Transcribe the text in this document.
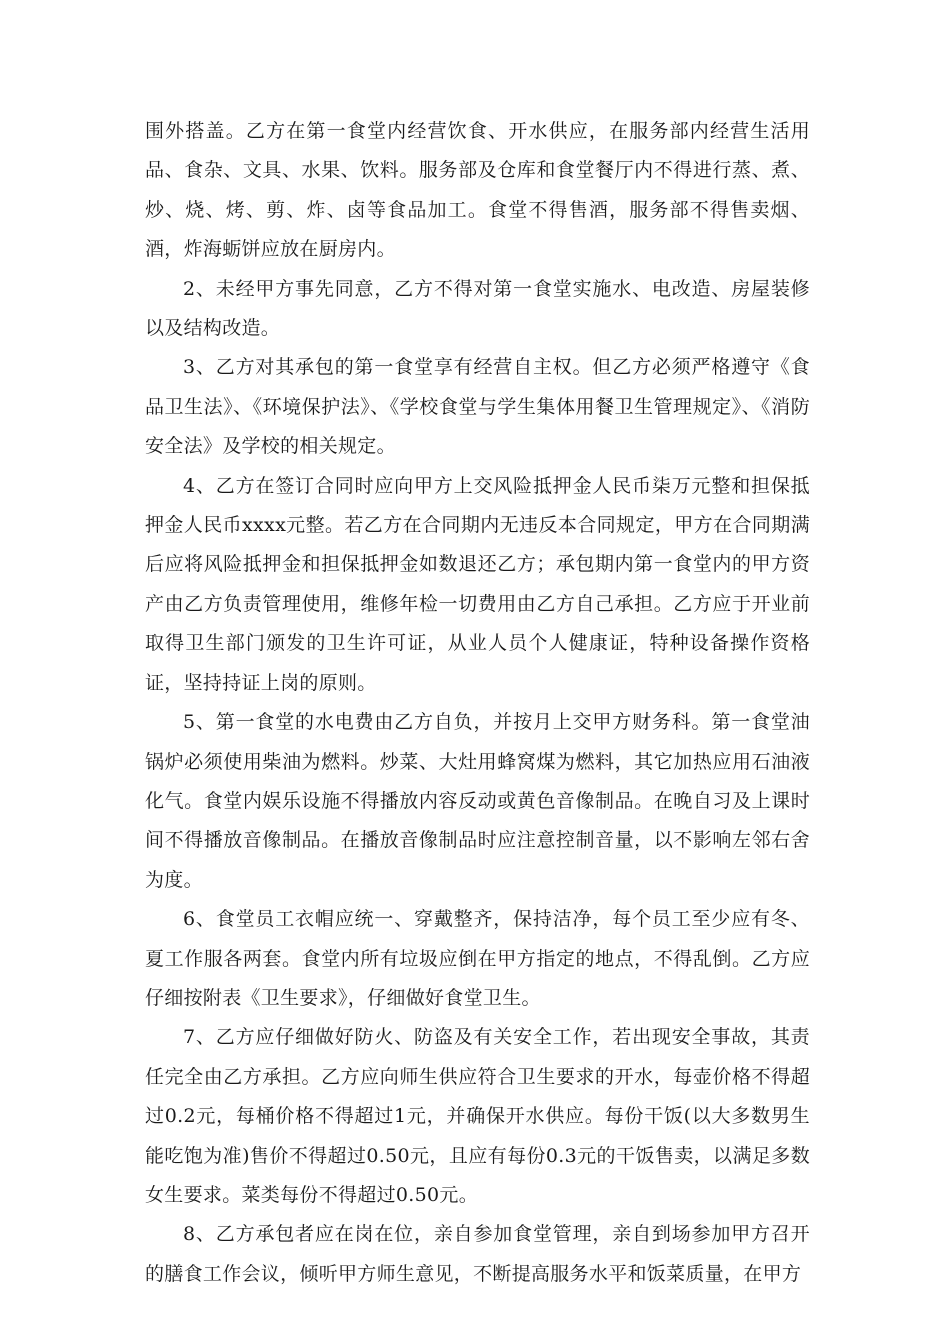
围外搭盖。乙方在第一食堂内经营饮食、开水供应，在服务部内经营生活用品、食杂、文具、水果、饮料。服务部及仓库和食堂餐厅内不得进行蒸、煮、炒、烧、烤、剪、炸、卤等食品加工。食堂不得售酒，服务部不得售卖烟、酒，炸海蛎饼应放在厨房内。

2、未经甲方事先同意，乙方不得对第一食堂实施水、电改造、房屋装修以及结构改造。

3、乙方对其承包的第一食堂享有经营自主权。但乙方必须严格遵守《食品卫生法》、《环境保护法》、《学校食堂与学生集体用餐卫生管理规定》、《消防安全法》及学校的相关规定。

4、乙方在签订合同时应向甲方上交风险抵押金人民币柒万元整和担保抵押金人民币xxxx元整。若乙方在合同期内无违反本合同规定，甲方在合同期满后应将风险抵押金和担保抵押金如数退还乙方；承包期内第一食堂内的甲方资产由乙方负责管理使用，维修年检一切费用由乙方自己承担。乙方应于开业前取得卫生部门颁发的卫生许可证，从业人员个人健康证，特种设备操作资格证，坚持持证上岗的原则。

5、第一食堂的水电费由乙方自负，并按月上交甲方财务科。第一食堂油锅炉必须使用柴油为燃料。炒菜、大灶用蜂窝煤为燃料，其它加热应用石油液化气。食堂内娱乐设施不得播放内容反动或黄色音像制品。在晚自习及上课时间不得播放音像制品。在播放音像制品时应注意控制音量，以不影响左邻右舍为度。

6、食堂员工衣帽应统一、穿戴整齐，保持洁净，每个员工至少应有冬、夏工作服各两套。食堂内所有垃圾应倒在甲方指定的地点，不得乱倒。乙方应仔细按附表《卫生要求》，仔细做好食堂卫生。

7、乙方应仔细做好防火、防盗及有关安全工作，若出现安全事故，其责任完全由乙方承担。乙方应向师生供应符合卫生要求的开水，每壶价格不得超过0.2元，每桶价格不得超过1元，并确保开水供应。每份干饭(以大多数男生能吃饱为准)售价不得超过0.50元，且应有每份0.3元的干饭售卖，以满足多数女生要求。菜类每份不得超过0.50元。

8、乙方承包者应在岗在位，亲自参加食堂管理，亲自到场参加甲方召开的膳食工作会议，倾听甲方师生意见，不断提高服务水平和饭菜质量，在甲方
